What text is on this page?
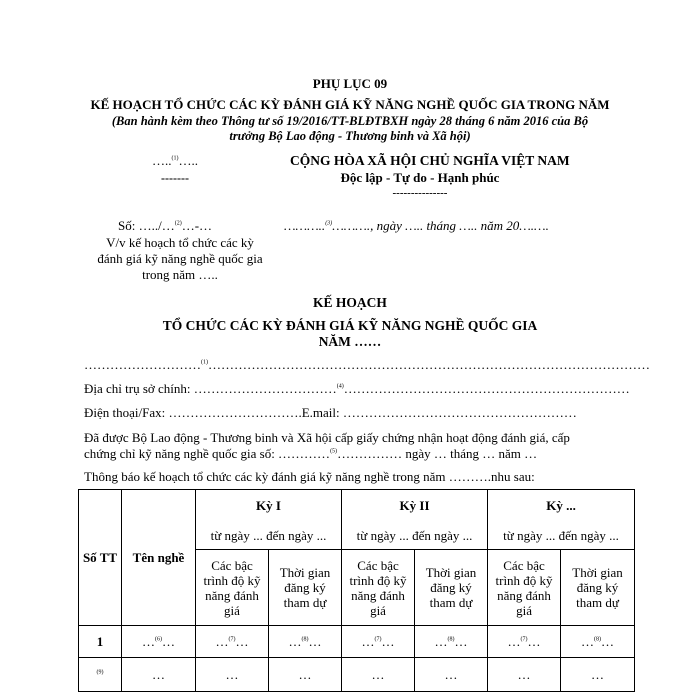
PHỤ LỤC 09
KẾ HOẠCH TỔ CHỨC CÁC KỲ ĐÁNH GIÁ KỸ NĂNG NGHỀ QUỐC GIA TRONG NĂM
(Ban hành kèm theo Thông tư số 19/2016/TT-BLĐTBXH ngày 28 tháng 6 năm 2016 của Bộ
trưởng Bộ Lao động - Thương binh và Xã hội)
…..$^{(1)}$…..
-------
Số: …../…$^{(2)}$…-…
V/v kế hoạch tổ chức các kỳ
đánh giá kỹ năng nghề quốc gia
trong năm …..
CỘNG HÒA XÃ HỘI CHỦ NGHĨA VIỆT NAM
Độc lập - Tự do - Hạnh phúc
---------------
………..$^{(3)}$………., ngày ….. tháng ….. năm 20….….
KẾ HOẠCH
TỔ CHỨC CÁC KỲ ĐÁNH GIÁ KỸ NĂNG NGHỀ QUỐC GIA
NĂM ……
………………………$^{(1)}$…………………………………………………………………………………………
Địa chỉ trụ sở chính: ……………………………$^{(4)}$…………………………………………………………
Điện thoại/Fax: ………………………….E.mail: ………………………………………………
Đã được Bộ Lao động - Thương binh và Xã hội cấp giấy chứng nhận hoạt động đánh giá, cấp
chứng chỉ kỹ năng nghề quốc gia số: …………$^{(5)}$…………… ngày … tháng … năm …
Thông báo kế hoạch tổ chức các kỳ đánh giá kỹ năng nghề trong năm ……….nhu sau:
Số TT	Tên nghề	Kỳ I		Kỳ II		Kỳ ...	
		từ ngày ... đến ngày ...		từ ngày ... đến ngày ...		từ ngày ... đến ngày ...	
		Các bậc trình độ kỹ năng đánh giá	Thời gian đăng ký tham dự	Các bậc trình độ kỹ năng đánh giá	Thời gian đăng ký tham dự	Các bậc trình độ kỹ năng đánh giá	Thời gian đăng ký tham dự
1	…$^{(6)}$…	…$^{(7)}$…	…$^{(8)}$…	…$^{(7)}$…	…$^{(8)}$…	…$^{(7)}$…	…$^{(8)}$…
$^{(9)}$	…	…	…	…	…	…	…
